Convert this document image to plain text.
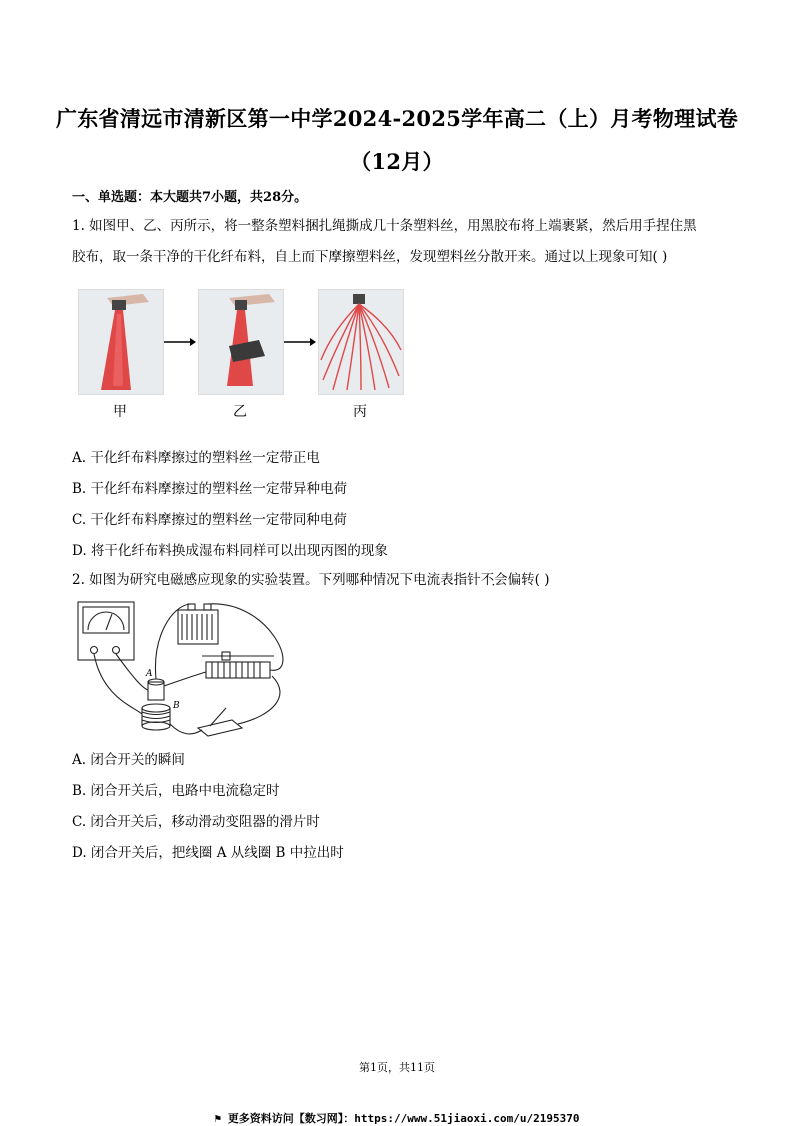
广东省清远市清新区第一中学2024-2025学年高二（上）月考物理试卷
（12月）
一、单选题：本大题共7小题，共28分。
1. 如图甲、乙、丙所示，将一整条塑料捆扎绳撕成几十条塑料丝，用黑胶布将上端裹紧，然后用手捏住黑
胶布，取一条干净的干化纤布料，自上而下摩擦塑料丝，发现塑料丝分散开来。通过以上现象可知( )
甲	乙	丙
A. 干化纤布料摩擦过的塑料丝一定带正电
B. 干化纤布料摩擦过的塑料丝一定带异种电荷
C. 干化纤布料摩擦过的塑料丝一定带同种电荷
D. 将干化纤布料换成湿布料同样可以出现丙图的现象
2. 如图为研究电磁感应现象的实验装置。下列哪种情况下电流表指针不会偏转( )
A
B
A. 闭合开关的瞬间
B. 闭合开关后，电路中电流稳定时
C. 闭合开关后，移动滑动变阻器的滑片时
D. 闭合开关后，把线圈 A 从线圈 B 中拉出时
第1页，共11页
⚑ 更多资料访问【数习网】：https://www.51jiaoxi.com/u/2195370
